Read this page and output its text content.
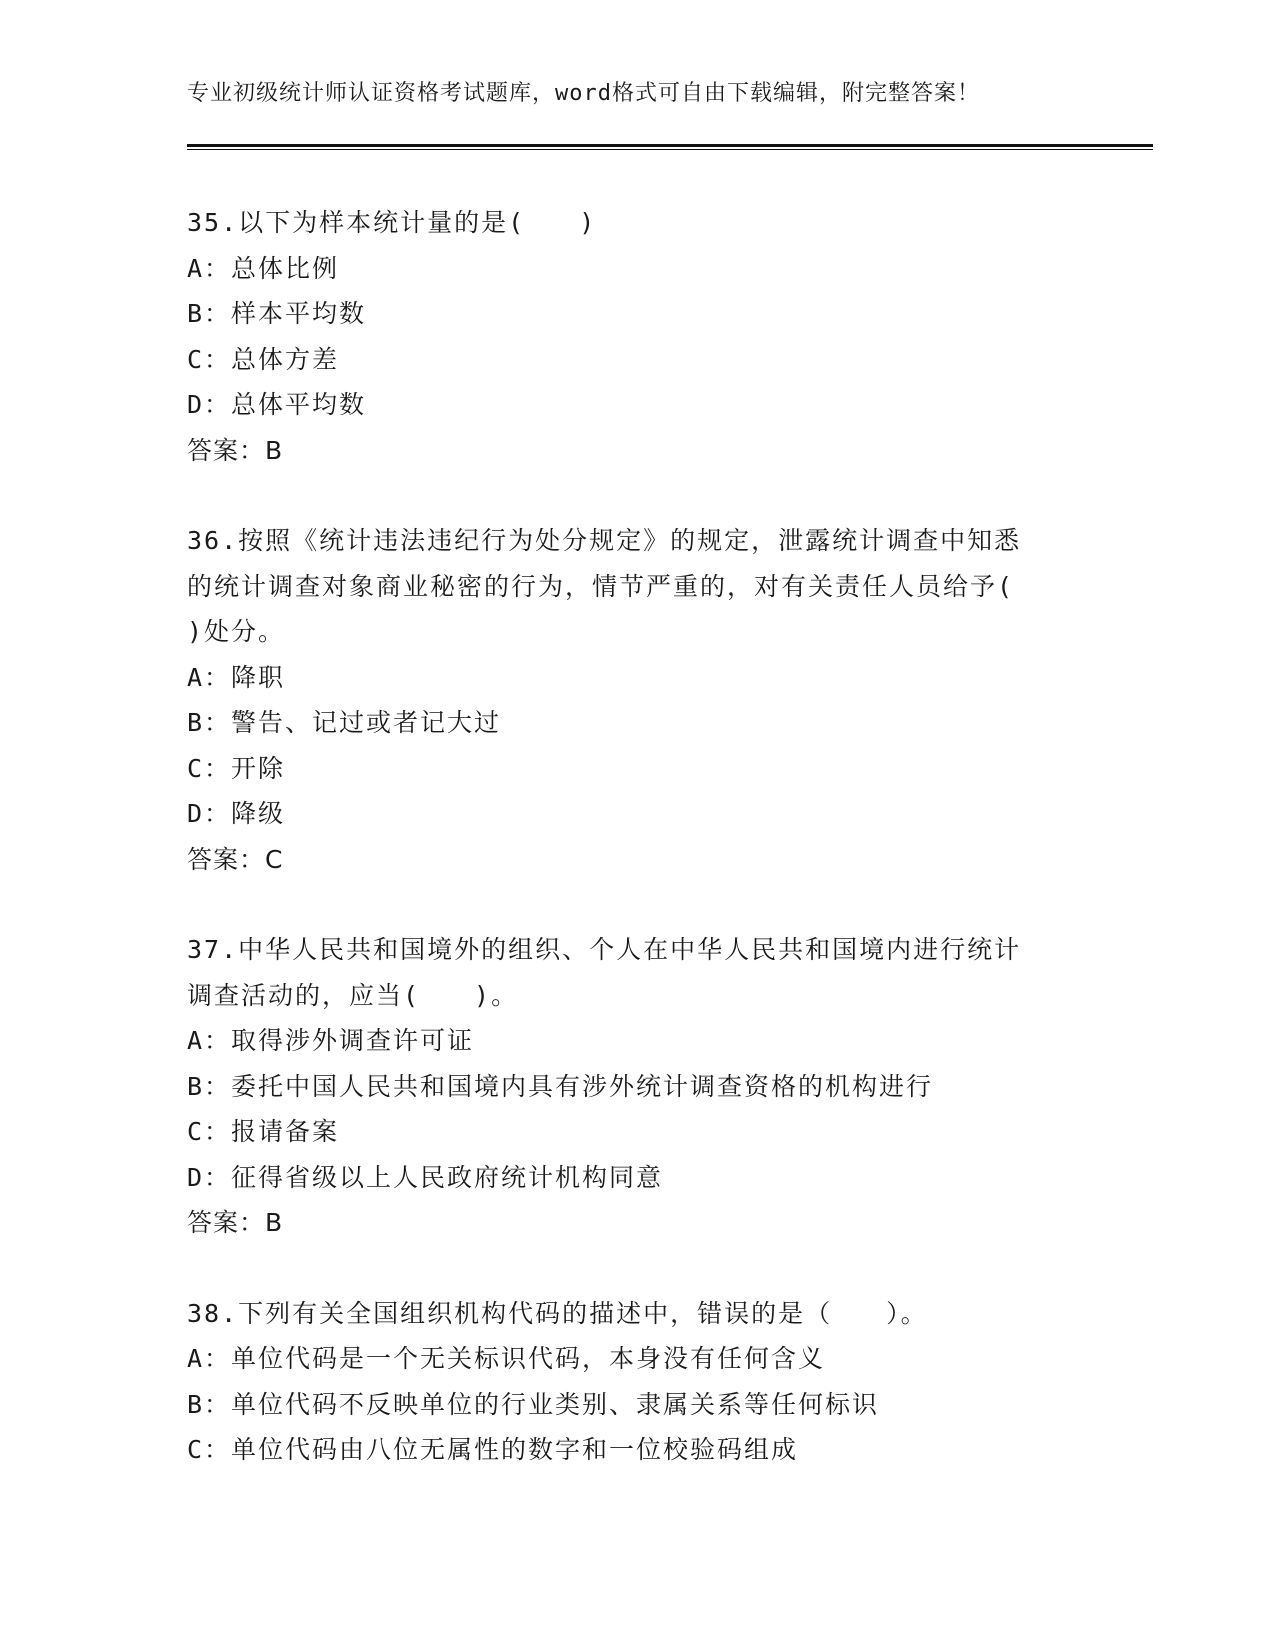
专业初级统计师认证资格考试题库，word格式可自由下载编辑，附完整答案！
35.以下为样本统计量的是(　　)
A：总体比例
B：样本平均数
C：总体方差
D：总体平均数
答案：B
36.按照《统计违法违纪行为处分规定》的规定，泄露统计调查中知悉
的统计调查对象商业秘密的行为，情节严重的，对有关责任人员给予(
)处分。
A：降职
B：警告、记过或者记大过
C：开除
D：降级
答案：C
37.中华人民共和国境外的组织、个人在中华人民共和国境内进行统计
调查活动的，应当(　　)。
A：取得涉外调查许可证
B：委托中国人民共和国境内具有涉外统计调查资格的机构进行
C：报请备案
D：征得省级以上人民政府统计机构同意
答案：B
38.下列有关全国组织机构代码的描述中，错误的是（　　）。
A：单位代码是一个无关标识代码，本身没有任何含义
B：单位代码不反映单位的行业类别、隶属关系等任何标识
C：单位代码由八位无属性的数字和一位校验码组成
